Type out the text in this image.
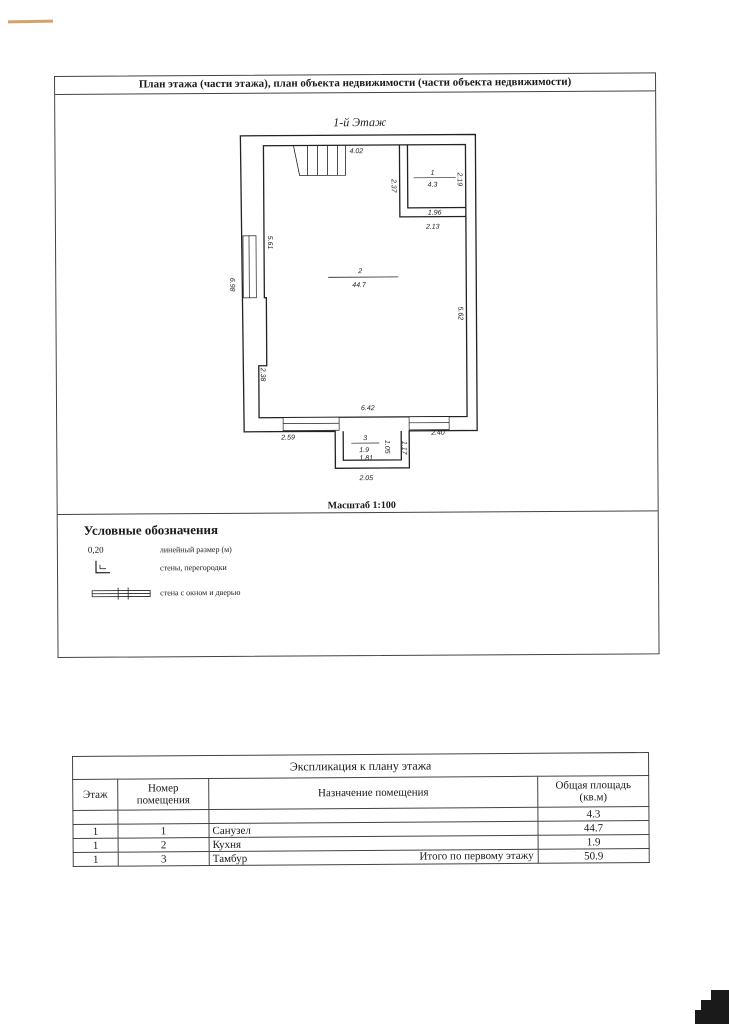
План этажа (части этажа), план объекта недвижимости (части объекта недвижимости)
1-й Этаж
1
4.3
2
44.7
3
1.9
4.02
1.96
2.13
2.37	2.19
5.61
6.98
5.62
2.38
6.42
2.59
2.40
1.05 1.17
1.81
2.05
Масштаб 1:100
Условные обозначения
0,20	линейный размер (м)
стены, перегородки
стена с окном и дверью
Экспликация к плану этажа			
Этаж	Номер помещения	Назначение помещения	Общая площадь (кв.м)
			4.3
1	1	Санузел	44.7
1	2	Кухня	1.9
1	3	Тамбур Итого по первому этажу	50.9
